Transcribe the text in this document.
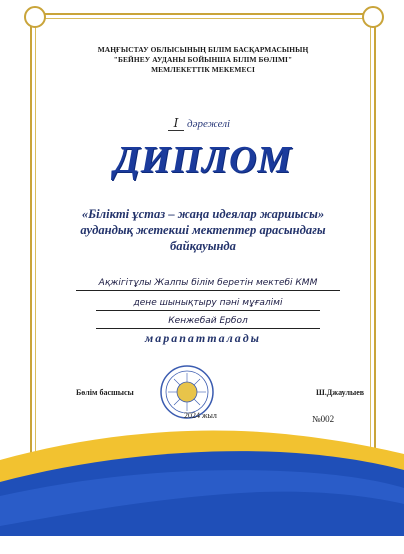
МАҢҒЫСТАУ ОБЛЫСЫНЫҢ БІЛІМ БАСҚАРМАСЫНЫҢ
"БЕЙНЕУ АУДАНЫ БОЙЫНША БІЛІМ БӨЛІМІ"
МЕМЛЕКЕТТІК МЕКЕМЕСІ
I дәрежелі
ДИПЛОМ
«Білікті ұстаз – жаңа идеялар жаршысы»
аудандық жетекші мектептер арасындағы
байқауында
Ақжігітұлы Жалпы білім беретін мектебі КММ
дене шынықтыру пәні мұғалімі
Кенжебай Ербол
марапатталады
Бөлім басшысы	Ш.Джаулыев
2024 жыл	№002
